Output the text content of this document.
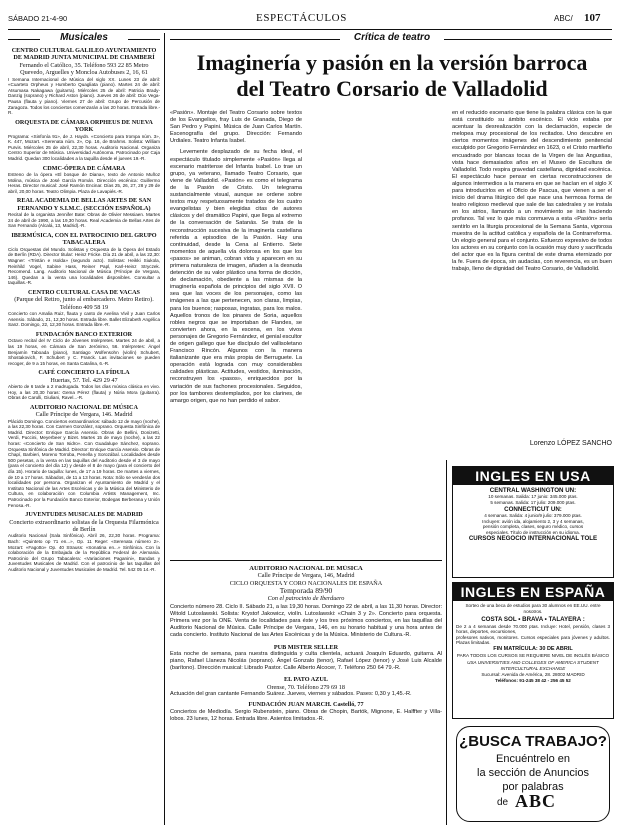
SÁBADO 21-4-90	ESPECTÁCULOS	ABC/ 107
Musicales
CENTRO CULTURAL GALILEO AYUNTAMIENTO DE MADRID JUNTA MUNICIPAL DE CHAMBERÍ
Fernando el Católico, 35. Teléfono 593 22 85 Metro Quevedo, Arguelles y Moncloa Autobuses 2, 16, 61
I Semana Internacional de Música del siglo XX. Lunes 23 de abril: «Cuarteto Orpheus y Humberto Quagliata (piano). Martes 24 de abril: Atsumasa Nakagawa (guitarra). Miércoles 25 de abril: Patricia Brady-Danzig (soprano) y Richard Aston (piano). Jueves 26 de abril: Dúo Vega-Pausa (flauta y piano). Viernes 27 de abril: Grupo de Percusión de Zaragoza. Todos los conciertos comenzarán a las 20 horas. Entrada libre.-R.
ORQUESTA DE CÁMARA ORPHEUS DE NUEVA YORK
Programa: «Sinfonía 91», de J. Haydn. «Concierto para trompa núm. 3», K. 447, Mozart. «Serenata núm. 2», Op. 16, de Brahms. Solista: William Purvis. Miércoles 25 de abril, 22,30 horas. Auditorio Nacional. Organiza Centro Superior de Música. Universidad Autónoma. Patrocinado por Caja Madrid. Quedan 300 localidades a la taquilla desde el jueves 19.-R.
CDMC-ÓPERA DE CÁMARA
Estreno de la ópera «El bosque de Diana», texto de Antonio Muñoz Molina, música de José García Román. Dirección escénica: Guillermo Heras. Director musical: José Ramón Encinar. Días 25, 26, 27, 28 y 29 de abril, 20,00 horas. Teatro Olimpia. Plaza de Lavapiés.-R.
REAL ACADEMIA DE BELLAS ARTES DE SAN FERNANDO Y S.I.M.C. (SECCIÓN ESPAÑOLA)
Recital de la organista Jennifer Bate: Obras de Olivier Messiaen. Martes 24 de abril de 1990, a las 19,30 horas. Real Academia de Bellas Artes de San Fernando (Alcalá, 13, Madrid).-R.
IBERMÚSICA, CON EL PATROCINIO DEL GRUPO TABACALERA
Ciclo Orquestas del Mundo. Solistas y Orquesta de la Ópera del Estado de Berlín (RDA). Director titular: Heinz Fricke. Día 21 de abril, a las 22,30: Wagner: «Tristán e Isolda» (segundo acto). Solistas: Heikki Siukola, Reinhild Vogel, Sabine Hass, Reiner Papl, Karl-Heinz Stryczek. Recomend. Lang. Auditorio Nacional de Música (Príncipe de Vergara, 146). Quedan a la venta una localidades disponibles. Consultar a taquillas.-R.
CENTRO CULTURAL CASA DE VACAS
(Parque del Retiro, junto al embarcadero. Metro Retiro). Teléfono 409 58 19
Concierto con Amalia Ruiz, flauta y canto de Avelina Vivil y Juan Carlos Asensio. Sábado, 21, 12,30 horas. Entrada libre. Ballet Elizabeth Angélica Sanz. Domingo, 22, 12,30 horas. Entrada libre.-R.
FUNDACIÓN BANCO EXTERIOR
Octavo recital del IV Ciclo de Jóvenes Intérpretes. Martes 24 de abril, a las 19 horas, en Cámara de San Jerónimo, 56. Intérpretes: Ángel Benjamín Taboada (piano), Santiago Wolfensohn (violín) Schubert, Shostakovich, F. Schubert y C. Franck. Las invitaciones se pueden recoger, de 9 a 15 horas, en Santa Catalina, 6.-R.
CAFÉ CONCIERTO LA FÍDULA
Huertas, 57. Tel. 429 29 47
Abierto de 6 tarde a 2 madrugada. Todos los días música clásica en vivo. Hoy, a las 20,30 horas: Gema Pérez (flauta) y Núria Mora (guitarra). Obras de Carulli, Giuliani, Ravel...-R.
AUDITORIO NACIONAL DE MÚSICA
Calle Príncipe de Vergara, 146. Madrid
Plácido Domingo. Conciertos extraordinarios: sábado 12 de mayo (noche), a las 22,30 horas. Con Carmen González, soprano. Orquesta Sinfónica de Madrid. Director: Enrique García Asensio. Obras de Bellini, Donizetti, Verdi, Puccini, Meyerbeer y Bizet. Martes 15 de mayo (noche), a las 22 horas: «Concierto de San Isidro». Con Guadalupe Sánchez, soprano. Orquesta Sinfónica de Madrid. Director: Enrique García Asensio. Obras de Chapí, Barbieri, Moreno Torroba, Penella y Sorozábal. Localidades desde 500 pesetas, a la venta en las taquillas del Auditorio desde el 3 de mayo (para el concierto del día 12) y desde el 8 de mayo (para el concierto del día 15). Horario de taquilla: lunes, de 17 a 19 horas. De martes a viernes, de 10 a 17 horas. Sábados, de 11 a 13 horas. Nota: Sólo se venderán dos localidades por persona. Organizan el Ayuntamiento de Madrid y el Instituto Nacional de las Artes Escénicas y de la Música del Ministerio de Cultura, en colaboración con Columbia Artists Management, Inc. Patrocinado por la Fundación Banco Exterior, Bodegas Berberana y Unión Fenosa.-R.
JUVENTUDES MUSICALES DE MADRID
Concierto extraordinario solistas de la Orquesta Filarmónica de Berlín
Auditorio Nacional (Sala Sinfónica). Abril 26, 22,30 horas. Programa: Bach: «Quinteto op 71 en...», Op. 11 Reger: «Serenata número 2». Mozart: «Fagotto» Op. 40 Strauss: «Sonatina en...» Sinfónica. Con la colaboración de la Embajada de la República Federal de Alemania. Patrocinio del Grupo Tabacalera: «Variaciones Paganini», Bandas y Juventudes Musicales de Madrid. Con el patrocinio de las taquillas del Auditorio Nacional y Juventudes Musicales de Madrid. Tel. 542 05 14.-R.
Crítica de teatro
Imaginería y pasión en la versión barroca del Teatro Corsario de Valladolid
«Pasión». Montaje del Teatro Corsario sobre textos de los Evangelios, fray Luis de Granada, Diego de San Pedro y Papini. Música de Juan Carlos Martín. Escenografía del grupo. Dirección: Fernando Urdiales. Teatro Infanta Isabel.
Levemente desplazado de su fecha ideal, el espectáculo titulado simplemente «Pasión» llega al escenario matritense del Infanta Isabel. Lo trae un grupo, ya veterano, llamado Teatro Corsario, que viene de Valladolid. «Pasión» es como el telegrama de la Pasión de Cristo. Un telegrama sustancialmente visual, aunque se ordene sobre textos muy respetuosamente tratados de los cuatro evangelistas y bien elegidas citas de autores clásicos y del dramático Papini, que llega al extremo de la conversación de Satanás. Se trata de la reconstrucción sucesiva de la imaginería castellana referida a episodios de la Pasión. Hay una continuidad, desde la Cena al Entierro. Siete momentos de aquella vía dolorosa en los que los «pasos» se animan, cobran vida y aparecen en su primera naturaleza de imagen, añaden a la desnuda detención de su valor plástico una forma de dicción, de declamación, obediente a las mismas de la imaginería española de principios del siglo XVII. O sea que las voces de los personajes, como las imágenes a las que pertenecen, son claras, limpias, para los buenos; rasposas, ingratas, para los malos. Aquellos tronos de los pinares de Soria, aquellos robles negros que se importaban de Flandes, se convierten ahora, en la escena, en los vivos personajes de Gregorio Fernández, el genial escultor de origen gallego que fue discípulo del vallisoletano Francisco Rincón. Algunos con la manera italianizante que era más propia de Berruguete. La operación está lograda con muy considerables calidades plásticas. Actitudes, vestidos, iluminación, reconstruyen los «pasos», enriquecidos por la variación de sus fachones procesionales. Seguidos, por los tambores destemplados, por los clarines, de amargo origen, que no han perdido el sabor.
en el reducido escenario que tiene la palabra clásica con la que está constituido su ámbito escénico. El vicio estaba por acentuar la desrealización con la declamación, especie de melopea muy procesional de los recitados. Uno descubre en ciertos momentos imágenes del descendimiento penitencial esculpido por Gregorio Fernández en 1623, o el Cristo marfileño encuadrado por blancas tocas de la Virgen de las Angustias, vista hace demasiados años en el Museo de Escultura de Valladolid. Todo respira gravedad castellana, dignidad escénica. El espectáculo hace pensar en ciertas reconstrucciones de algunos intermedios a la manera en que se hacían en el siglo X para introducirlos en el Oficio de Pascua, que vienen a ser el inicio del drama litúrgico del que nace una hermosa forma de teatro religioso medieval que sale de las catedrales y se instala en los atrios, llamando a un movimiento se irán haciendo profanos. Tal vez lo que más conmueva a esta «Pasión» sería sentirlo en la liturgia procesional de la Semana Santa, vigorosa muestra de la actitud católica y española de la Contrarreforma. Un elogio general para el conjunto. Esfuerzo expresivo de todos los actores en su conjunto con la ocasión muy duro y sacrificada del actor que es la figura central de este drama eternizado por la fe. Fuera de época, sin audacias, con reverencia, es un buen trabajo, lleno de dignidad del Teatro Corsario, de Valladolid.
Lorenzo LÓPEZ SANCHO
AUDITORIO NACIONAL DE MÚSICA
Calle Príncipe de Vergara, 146, Madrid
CICLO ORQUESTA Y CORO NACIONALES DE ESPAÑA
Temporada 89/90
Con el patrocinio de Iberduero
Concierto número 28. Ciclo II. Sábado 21, a las 19,30 horas. Domingo 22 de abril, a las 11,30 horas. Director: Witold Lutoslawski. Solista: Krystof Jakowicz, violín. Lutoslawski: «Chain 3 y 2». Concierto para orquesta. Primera vez por la ONE. Venta de localidades para éste y los tres próximos conciertos, en las taquillas del Auditorio Nacional de Música. Calle Príncipe de Vergara, 146, en su horario habitual y una hora antes de cada concierto. Instituto Nacional de las Artes Escénicas y de la Música. Ministerio de Cultura.-R.
PUB MISTER SELLER
Esta noche de semana, para nuestra distinguida y culta clientela, actuará Joaquín Eduardo, guitarra. Al piano, Rafael Llaneza Nicolás (soprano). Ángel Gonzalo (tenor), Rafael López (tenor) y José Luis Alcalde (barítono). Dirección musical: Librado Pastor. Calle Alberto Alcocer, 7. Teléfono 250 64 79.-R.
EL PATO AZUL
Orense, 70. Teléfono 279 69 18
Actuación del gran cantante Fernando Suárez. Jueves, viernes y sábados. Pases: 0,30 y 1,45.-R.
FUNDACIÓN JUAN MARCH. Castelló, 77
Conciertos de Mediodía. Sergio Rubenstein, piano. Obras de Chopin, Bartók, Mignone, E. Halffter y Villa-lobos. 23 lunes, 12 horas. Entrada libre. Asientos limitados.-R.
INGLES EN USA
CENTRAL WASHINGTON UN:
10 semanas. Salida: 17 junio: 345.000 ptas.
5 semanas. Salida: 17 julio: 209.000 ptas.
CONNECTICUT UN:
4 semanas. Salida: 4 junio/9 julio: 379.000 ptas.
Incluyen: avión ida, alojamiento 2, 3 y 4 semanas,
pensión completa, clases, seguro médico, cursos
especiales. Título de instrucción en su idioma.
CURSOS NEGOCIO INTERNACIONAL TOLE
INGLES EN ESPAÑA
Sorteo de una beca de estudios para 30 alumnos en EE.UU. entre nosotros.
COSTA SOL • BRAVA • TALAYERA :
De 2 a 4 semanas desde 70.000 ptas. Incluye: Hotel, pensión, clases 3 horas, deportes, excursiones,
profesores nativos, monitores. Cursos especiales para jóvenes y adultos. Plazas limitadas.
FIN MATRÍCULA: 30 DE ABRIL
PARA TODOS LOS CURSOS SE REQUIERE NIVEL DE INGLÉS BÁSICO
USA UNIVERSITIES AND COLLEGES OF AMERICA STUDENT INTERCULTURAL EXCHANGE
Sucursal: Avenida de América, 28. 28002 MADRID
Teléfonos: 91-245 38 42 - 256 45 52
¿BUSCA TRABAJO?
Encuéntrelo en
la sección de Anuncios
por palabras
de ABC
